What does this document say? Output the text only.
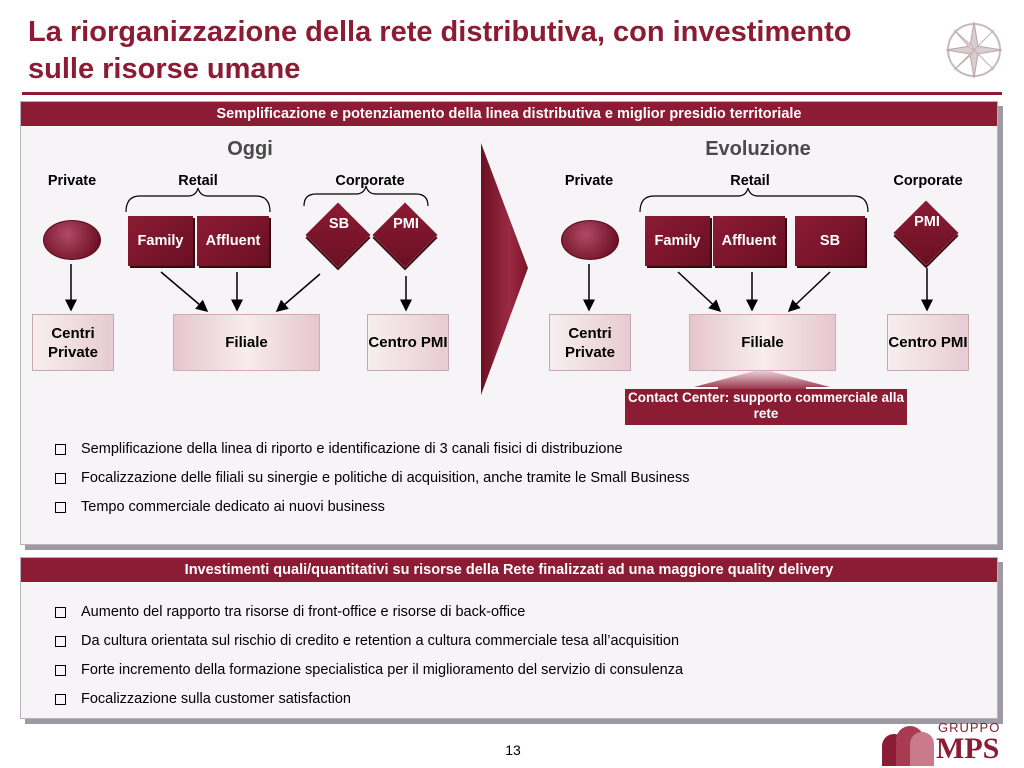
La riorganizzazione della rete distributiva, con investimento sulle risorse umane
Semplificazione e potenziamento della linea distributiva e miglior presidio territoriale
Oggi	Evoluzione
Private	Retail	Corporate
Family	Affluent
SB	PMI
Centri Private
Filiale	Centro PMI
Private	Retail	Corporate
Family	Affluent	SB
PMI
Centri Private
Filiale	Centro PMI
Contact Center: supporto commerciale alla rete
Semplificazione della linea di riporto e identificazione di 3 canali fisici di distribuzione
Focalizzazione delle filiali su sinergie e politiche di acquisition, anche tramite le Small Business
Tempo commerciale dedicato ai nuovi business
Investimenti quali/quantitativi su risorse della Rete finalizzati ad una maggiore quality delivery
Aumento del rapporto tra risorse di front-office e risorse di back-office
Da cultura orientata sul rischio di credito e retention a cultura commerciale tesa all’acquisition
Forte incremento della formazione specialistica per il miglioramento del servizio di consulenza
Focalizzazione sulla customer satisfaction
13
GRUPPO
MPS
